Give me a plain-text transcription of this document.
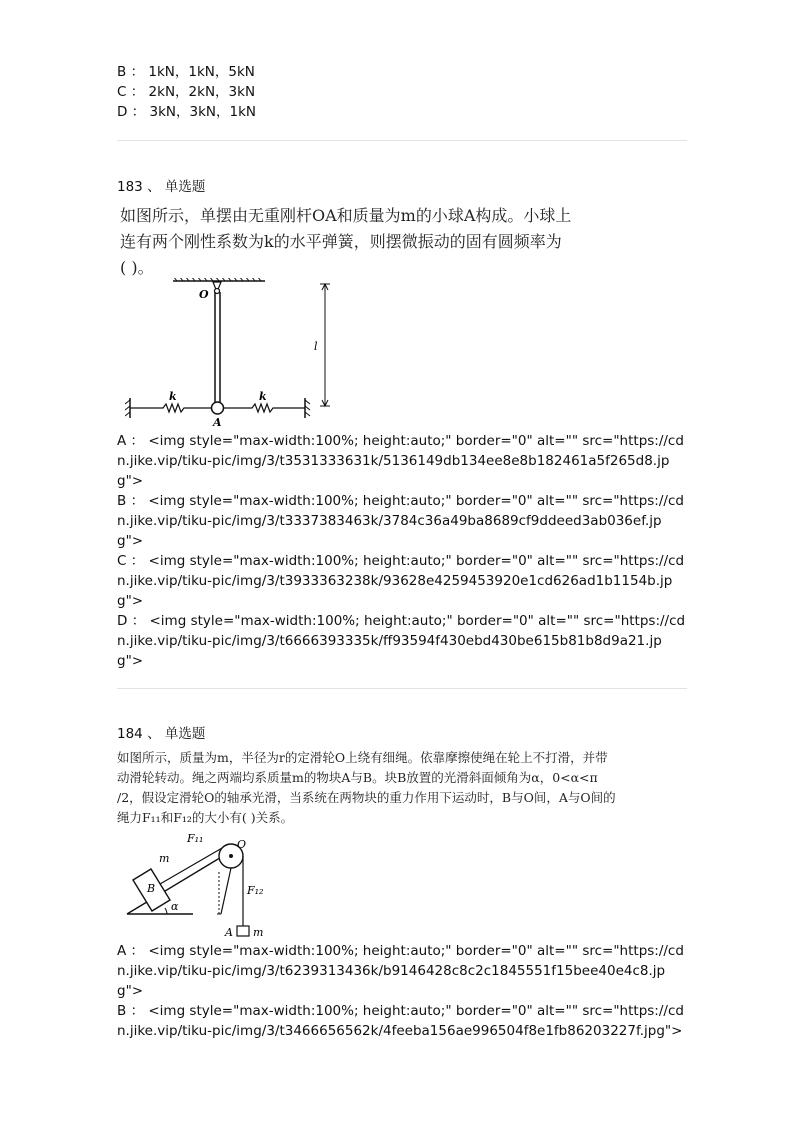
B ： 1kN，1kN，5kN
C ： 2kN，2kN，3kN
D ： 3kN，3kN，1kN
183 、 单选题
如图所示，单摆由无重刚杆OA和质量为m的小球A构成。小球上
连有两个刚性系数为k的水平弹簧，则摆微振动的固有圆频率为
( )。
O
k	k
A
l
A ： <img style="max-width:100%; height:auto;" border="0" alt="" src="https://cdn.jike.vip/tiku-pic/img/3/t3531333631k/5136149db134ee8e8b182461a5f265d8.jpg">
B ： <img style="max-width:100%; height:auto;" border="0" alt="" src="https://cdn.jike.vip/tiku-pic/img/3/t3337383463k/3784c36a49ba8689cf9ddeed3ab036ef.jpg">
C ： <img style="max-width:100%; height:auto;" border="0" alt="" src="https://cdn.jike.vip/tiku-pic/img/3/t3933363238k/93628e4259453920e1cd626ad1b1154b.jpg">
D ： <img style="max-width:100%; height:auto;" border="0" alt="" src="https://cdn.jike.vip/tiku-pic/img/3/t6666393335k/ff93594f430ebd430be615b81b8d9a21.jpg">
184 、 单选题
如图所示，质量为m，半径为r的定滑轮O上绕有细绳。依靠摩擦使绳在轮上不打滑，并带
动滑轮转动。绳之两端均系质量m的物块A与B。块B放置的光滑斜面倾角为α，0<α<π
/2，假设定滑轮O的轴承光滑，当系统在两物块的重力作用下运动时，B与O间，A与O间的
绳力F₁₁和F₁₂的大小有( )关系。
F₁₁	O
m
B	F₁₂
α
A m
A ： <img style="max-width:100%; height:auto;" border="0" alt="" src="https://cdn.jike.vip/tiku-pic/img/3/t6239313436k/b9146428c8c2c1845551f15bee40e4c8.jpg">
B ： <img style="max-width:100%; height:auto;" border="0" alt="" src="https://cdn.jike.vip/tiku-pic/img/3/t3466656562k/4feeba156ae996504f8e1fb86203227f.jpg">
